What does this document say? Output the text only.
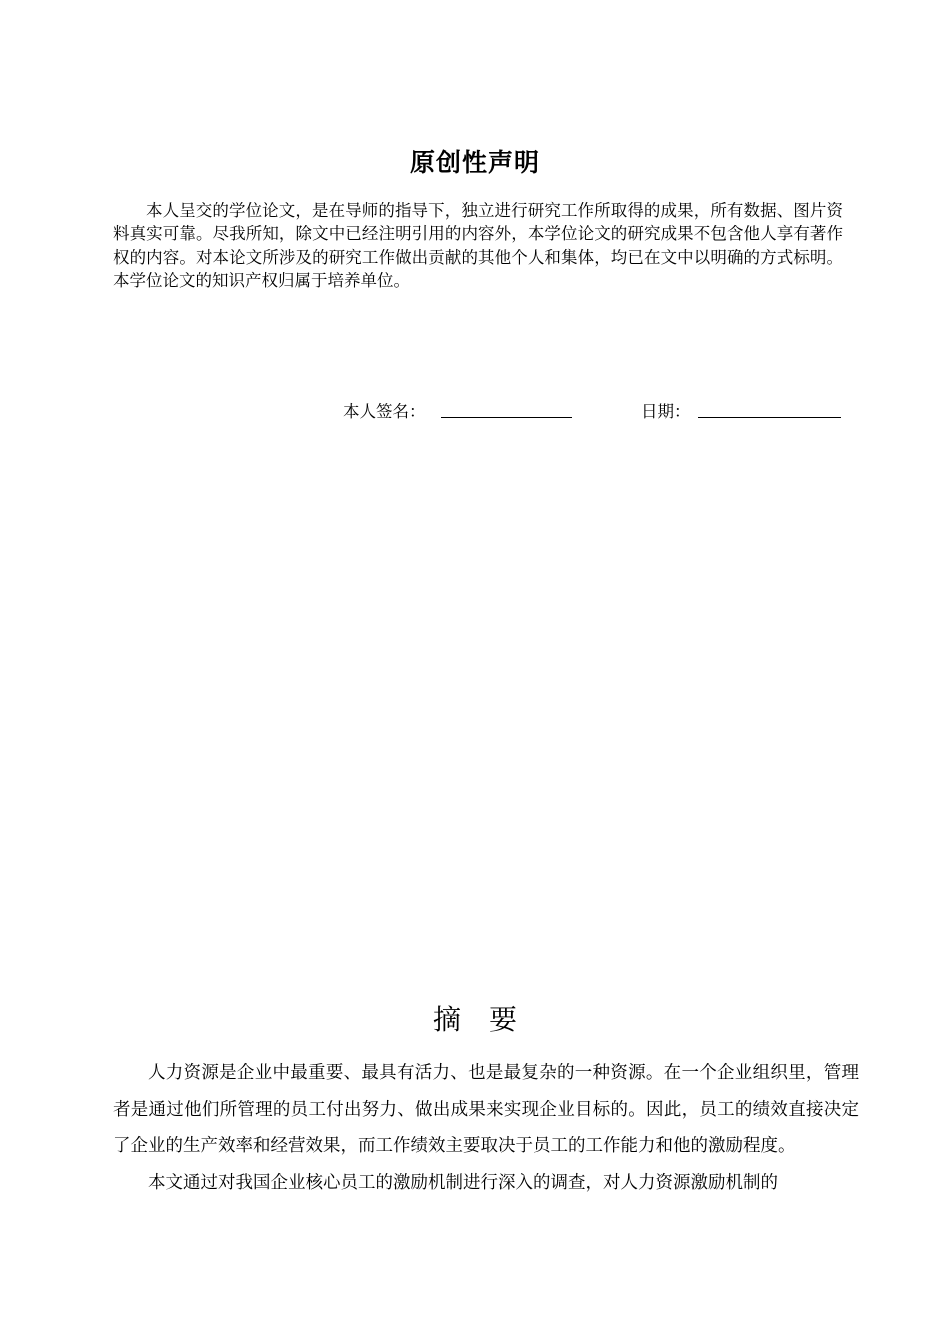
原创性声明

本人呈交的学位论文，是在导师的指导下，独立进行研究工作所取得的成果，所有数据、图片资料真实可靠。尽我所知，除文中已经注明引用的内容外，本学位论文的研究成果不包含他人享有著作权的内容。对本论文所涉及的研究工作做出贡献的其他个人和集体，均已在文中以明确的方式标明。本学位论文的知识产权归属于培养单位。

本人签名：	日期：
摘 要

人力资源是企业中最重要、最具有活力、也是最复杂的一种资源。在一个企业组织里，管理者是通过他们所管理的员工付出努力、做出成果来实现企业目标的。因此，员工的绩效直接决定了企业的生产效率和经营效果，而工作绩效主要取决于员工的工作能力和他的激励程度。

本文通过对我国企业核心员工的激励机制进行深入的调查，对人力资源激励机制的
